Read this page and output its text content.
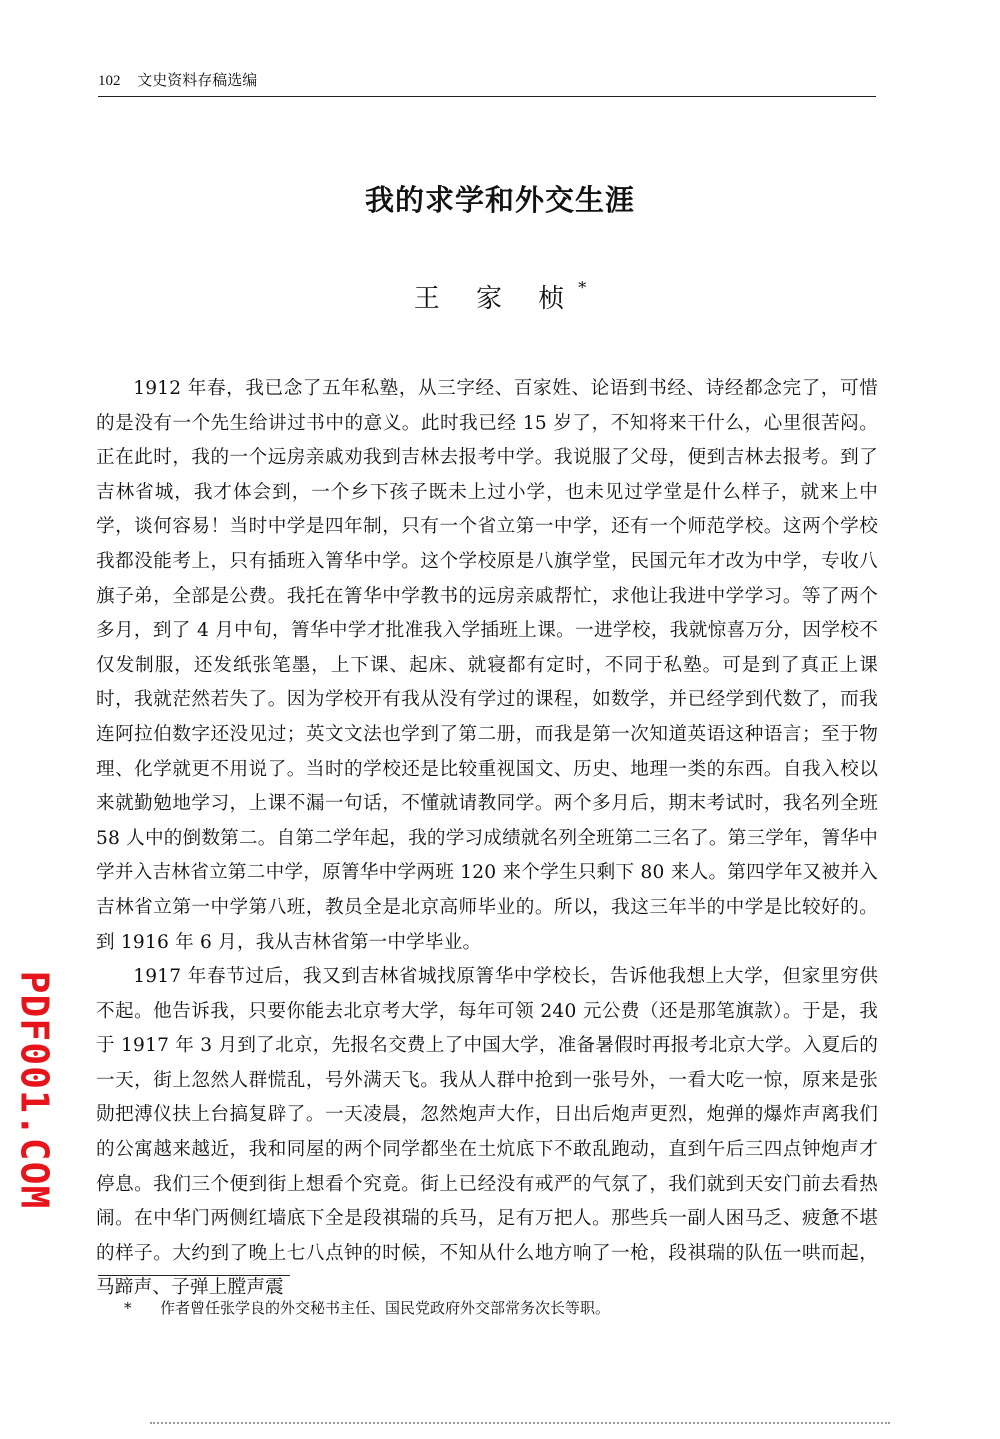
102 文史资料存稿选编
我的求学和外交生涯
王 家 桢*

1912 年春，我已念了五年私塾，从三字经、百家姓、论语到书经、诗经都念完了，可惜的是没有一个先生给讲过书中的意义。此时我已经 15 岁了，不知将来干什么，心里很苦闷。正在此时，我的一个远房亲戚劝我到吉林去报考中学。我说服了父母，便到吉林去报考。到了吉林省城，我才体会到，一个乡下孩子既未上过小学，也未见过学堂是什么样子，就来上中学，谈何容易！当时中学是四年制，只有一个省立第一中学，还有一个师范学校。这两个学校我都没能考上，只有插班入箐华中学。这个学校原是八旗学堂，民国元年才改为中学，专收八旗子弟，全部是公费。我托在箐华中学教书的远房亲戚帮忙，求他让我进中学学习。等了两个多月，到了 4 月中旬，箐华中学才批准我入学插班上课。一进学校，我就惊喜万分，因学校不仅发制服，还发纸张笔墨，上下课、起床、就寝都有定时，不同于私塾。可是到了真正上课时，我就茫然若失了。因为学校开有我从没有学过的课程，如数学，并已经学到代数了，而我连阿拉伯数字还没见过；英文文法也学到了第二册，而我是第一次知道英语这种语言；至于物理、化学就更不用说了。当时的学校还是比较重视国文、历史、地理一类的东西。自我入校以来就勤勉地学习，上课不漏一句话，不懂就请教同学。两个多月后，期末考试时，我名列全班 58 人中的倒数第二。自第二学年起，我的学习成绩就名列全班第二三名了。第三学年，箐华中学并入吉林省立第二中学，原箐华中学两班 120 来个学生只剩下 80 来人。第四学年又被并入吉林省立第一中学第八班，教员全是北京高师毕业的。所以，我这三年半的中学是比较好的。到 1916 年 6 月，我从吉林省第一中学毕业。

1917 年春节过后，我又到吉林省城找原箐华中学校长，告诉他我想上大学，但家里穷供不起。他告诉我，只要你能去北京考大学，每年可领 240 元公费（还是那笔旗款）。于是，我于 1917 年 3 月到了北京，先报名交费上了中国大学，准备暑假时再报考北京大学。入夏后的一天，街上忽然人群慌乱，号外满天飞。我从人群中抢到一张号外，一看大吃一惊，原来是张勋把溥仪扶上台搞复辟了。一天凌晨，忽然炮声大作，日出后炮声更烈，炮弹的爆炸声离我们的公寓越来越近，我和同屋的两个同学都坐在土炕底下不敢乱跑动，直到午后三四点钟炮声才停息。我们三个便到街上想看个究竟。街上已经没有戒严的气氛了，我们就到天安门前去看热闹。在中华门两侧红墙底下全是段祺瑞的兵马，足有万把人。那些兵一副人困马乏、疲惫不堪的样子。大约到了晚上七八点钟的时候，不知从什么地方响了一枪，段祺瑞的队伍一哄而起，马蹄声、子弹上膛声震

* 作者曾任张学良的外交秘书主任、国民党政府外交部常务次长等职。
PDF001.COM
